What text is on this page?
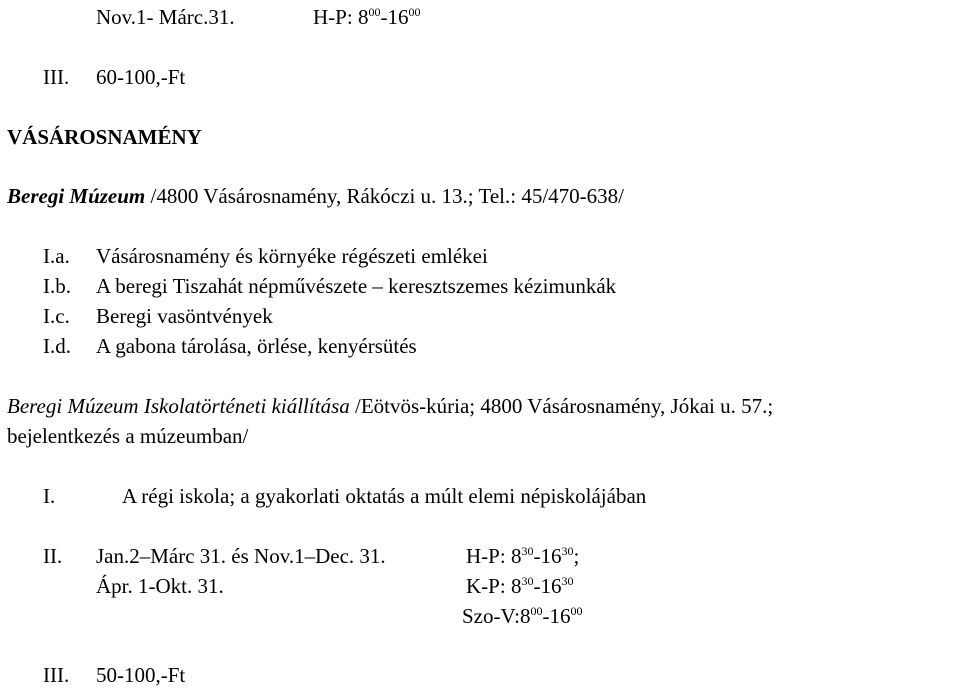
Nov.1- Márc.31.	H-P: $8^{00}-16^{00}$
III. 60-100,-Ft
VÁSÁROSNAMÉNY
Beregi Múzeum /4800 Vásárosnamény, Rákóczi u. 13.; Tel.: 45/470-638/
I.a. Vásárosnamény és környéke régészeti emlékei
I.b. A beregi Tiszahát népművészete – keresztszemes kézimunkák
I.c. Beregi vasöntvények
I.d. A gabona tárolása, örlése, kenyérsütés
Beregi Múzeum Iskolatörténeti kiállítása /Eötvös-kúria; 4800 Vásárosnamény, Jókai u. 57.;
bejelentkezés a múzeumban/
I.	A régi iskola; a gyakorlati oktatás a múlt elemi népiskolájában
II. Jan.2–Márc 31. és Nov.1–Dec. 31.	H-P: $8^{30}-16^{30}$;
Ápr. 1-Okt. 31.	K-P: $8^{30}-16^{30}$
Szo-$V:8^{00}-16^{00}$
III. 50-100,-Ft
